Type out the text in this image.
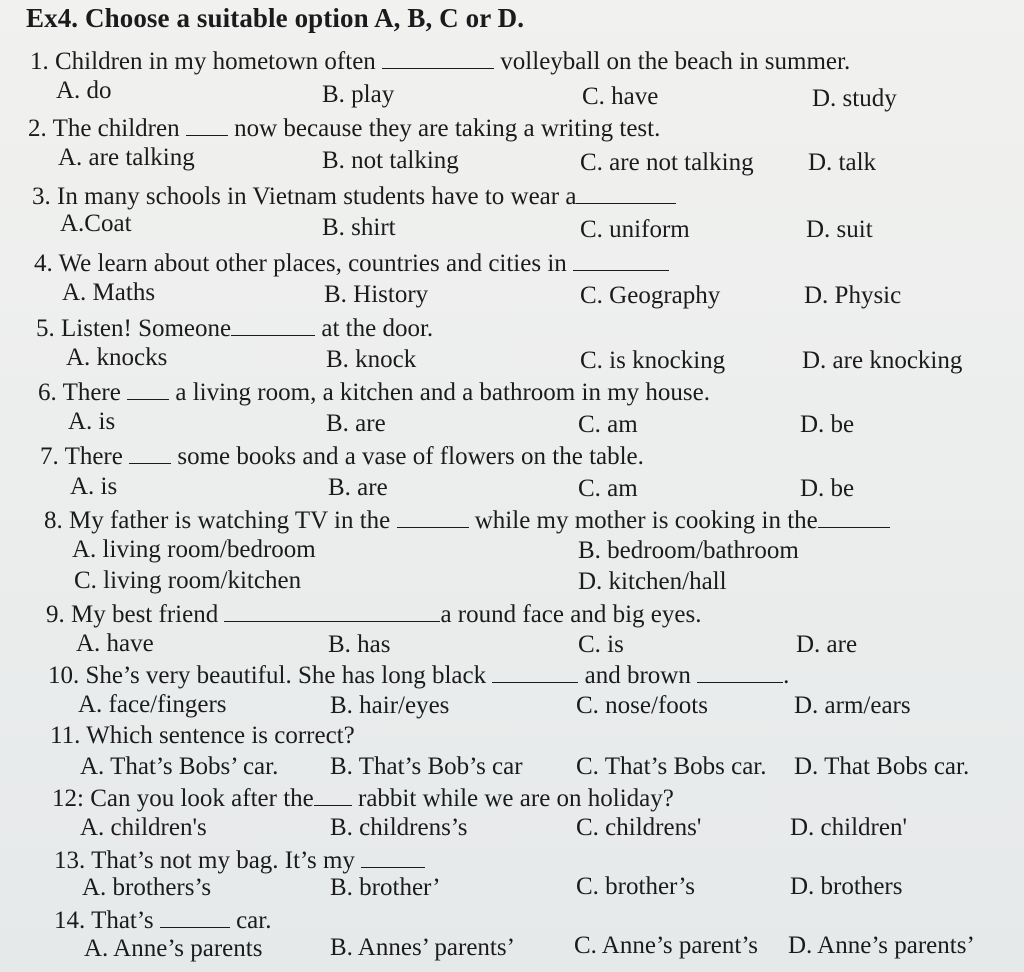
Ex4. Choose a suitable option A, B, C or D.
1. Children in my hometown often	volleyball on the beach in summer.
A. do	B. play	C. have	D. study
2. The children  now because they are taking a writing test.
A. are talking	B. not talking	C. are not talking D. talk
3. In many schools in Vietnam students have to wear a
A.Coat	B. shirt	C. uniform	D. suit
4. We learn about other places, countries and cities in
A. Maths	B. History	C. Geography	D. Physic
5. Listen! Someone	at the door.
A. knocks	B. knock	C. is knocking	D. are knocking
6. There  a living room, a kitchen and a bathroom in my house.
A. is	B. are	C. am	D. be
7. There  some books and a vase of flowers on the table.
A. is	B. are	C. am	D. be
8. My father is watching TV in the	while my mother is cooking in the
A. living room/bedroom	B. bedroom/bathroom
C. living room/kitchen	D. kitchen/hall
9. My best friend	a round face and big eyes.
A. have	B. has	C. is	D. are
10. She’s very beautiful. She has long black	and brown	.
A. face/fingers	B. hair/eyes	C. nose/foots	D. arm/ears
11. Which sentence is correct?
A. That’s Bobs’ car. B. That’s Bob’s car C. That’s Bobs car. D. That Bobs car.
12: Can you look after the rabbit while we are on holiday?
A. children's	B. childrens’s	C. childrens'	D. children'
13. That’s not my bag. It’s my
A. brothers’s	B. brother’	C. brother’s	D. brothers
14. That’s	car.
A. Anne’s parents	B. Annes’ parents’ C. Anne’s parent’s D. Anne’s parents’
